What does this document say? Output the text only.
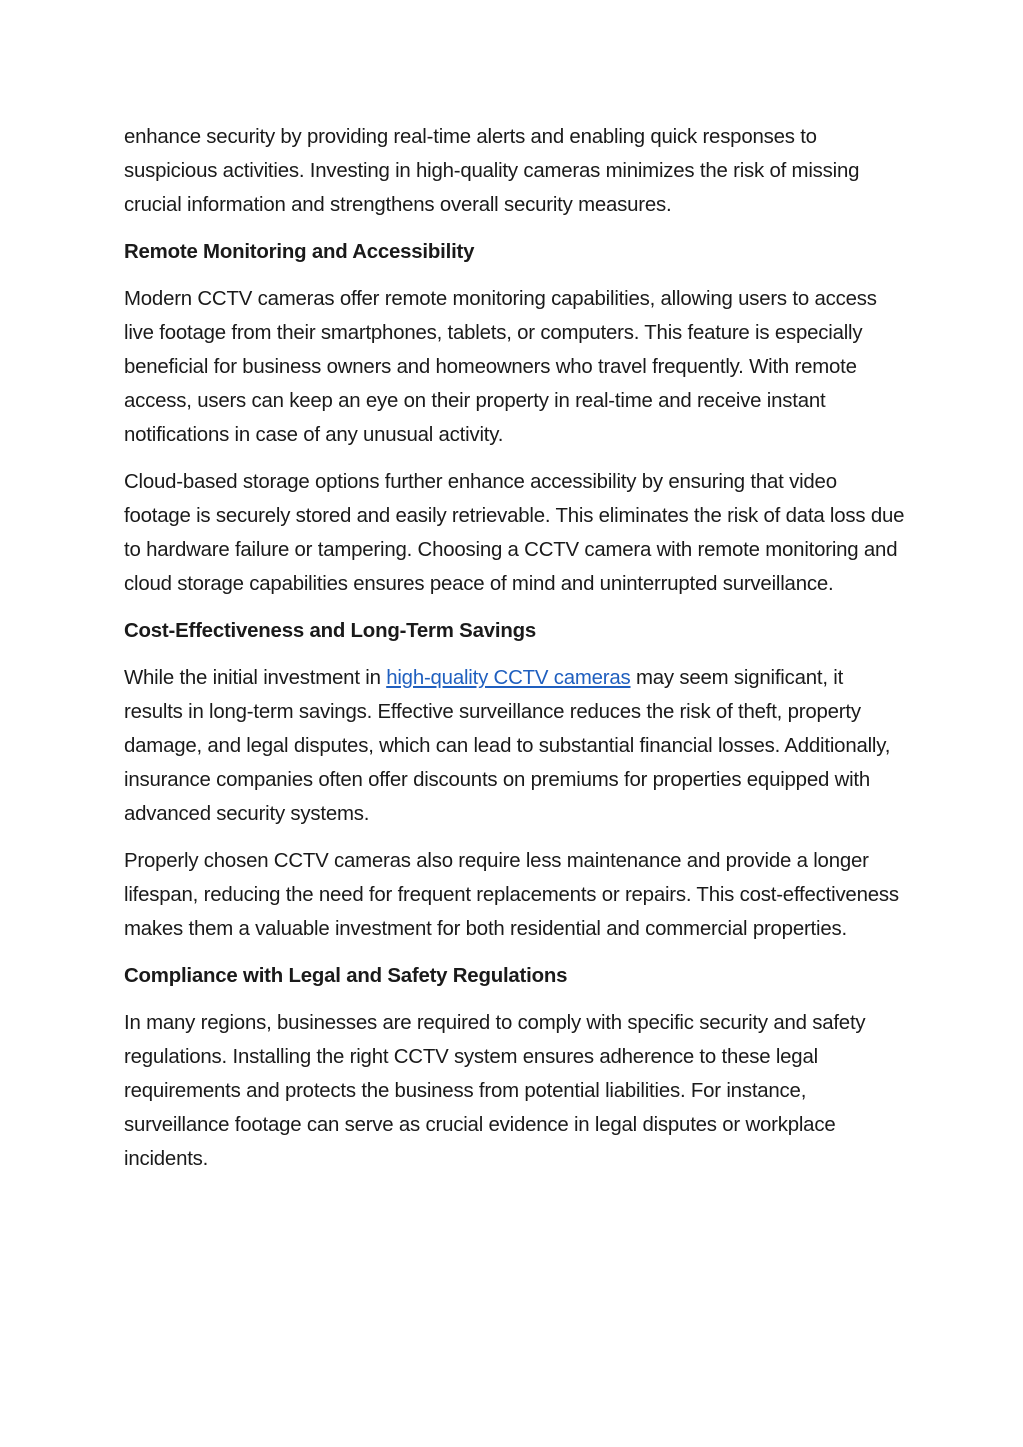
enhance security by providing real-time alerts and enabling quick responses to suspicious activities. Investing in high-quality cameras minimizes the risk of missing crucial information and strengthens overall security measures.

Remote Monitoring and Accessibility

Modern CCTV cameras offer remote monitoring capabilities, allowing users to access live footage from their smartphones, tablets, or computers. This feature is especially beneficial for business owners and homeowners who travel frequently. With remote access, users can keep an eye on their property in real-time and receive instant notifications in case of any unusual activity.

Cloud-based storage options further enhance accessibility by ensuring that video footage is securely stored and easily retrievable. This eliminates the risk of data loss due to hardware failure or tampering. Choosing a CCTV camera with remote monitoring and cloud storage capabilities ensures peace of mind and uninterrupted surveillance.

Cost-Effectiveness and Long-Term Savings

While the initial investment in high-quality CCTV cameras may seem significant, it results in long-term savings. Effective surveillance reduces the risk of theft, property damage, and legal disputes, which can lead to substantial financial losses. Additionally, insurance companies often offer discounts on premiums for properties equipped with advanced security systems.

Properly chosen CCTV cameras also require less maintenance and provide a longer lifespan, reducing the need for frequent replacements or repairs. This cost-effectiveness makes them a valuable investment for both residential and commercial properties.

Compliance with Legal and Safety Regulations

In many regions, businesses are required to comply with specific security and safety regulations. Installing the right CCTV system ensures adherence to these legal requirements and protects the business from potential liabilities. For instance, surveillance footage can serve as crucial evidence in legal disputes or workplace incidents.
